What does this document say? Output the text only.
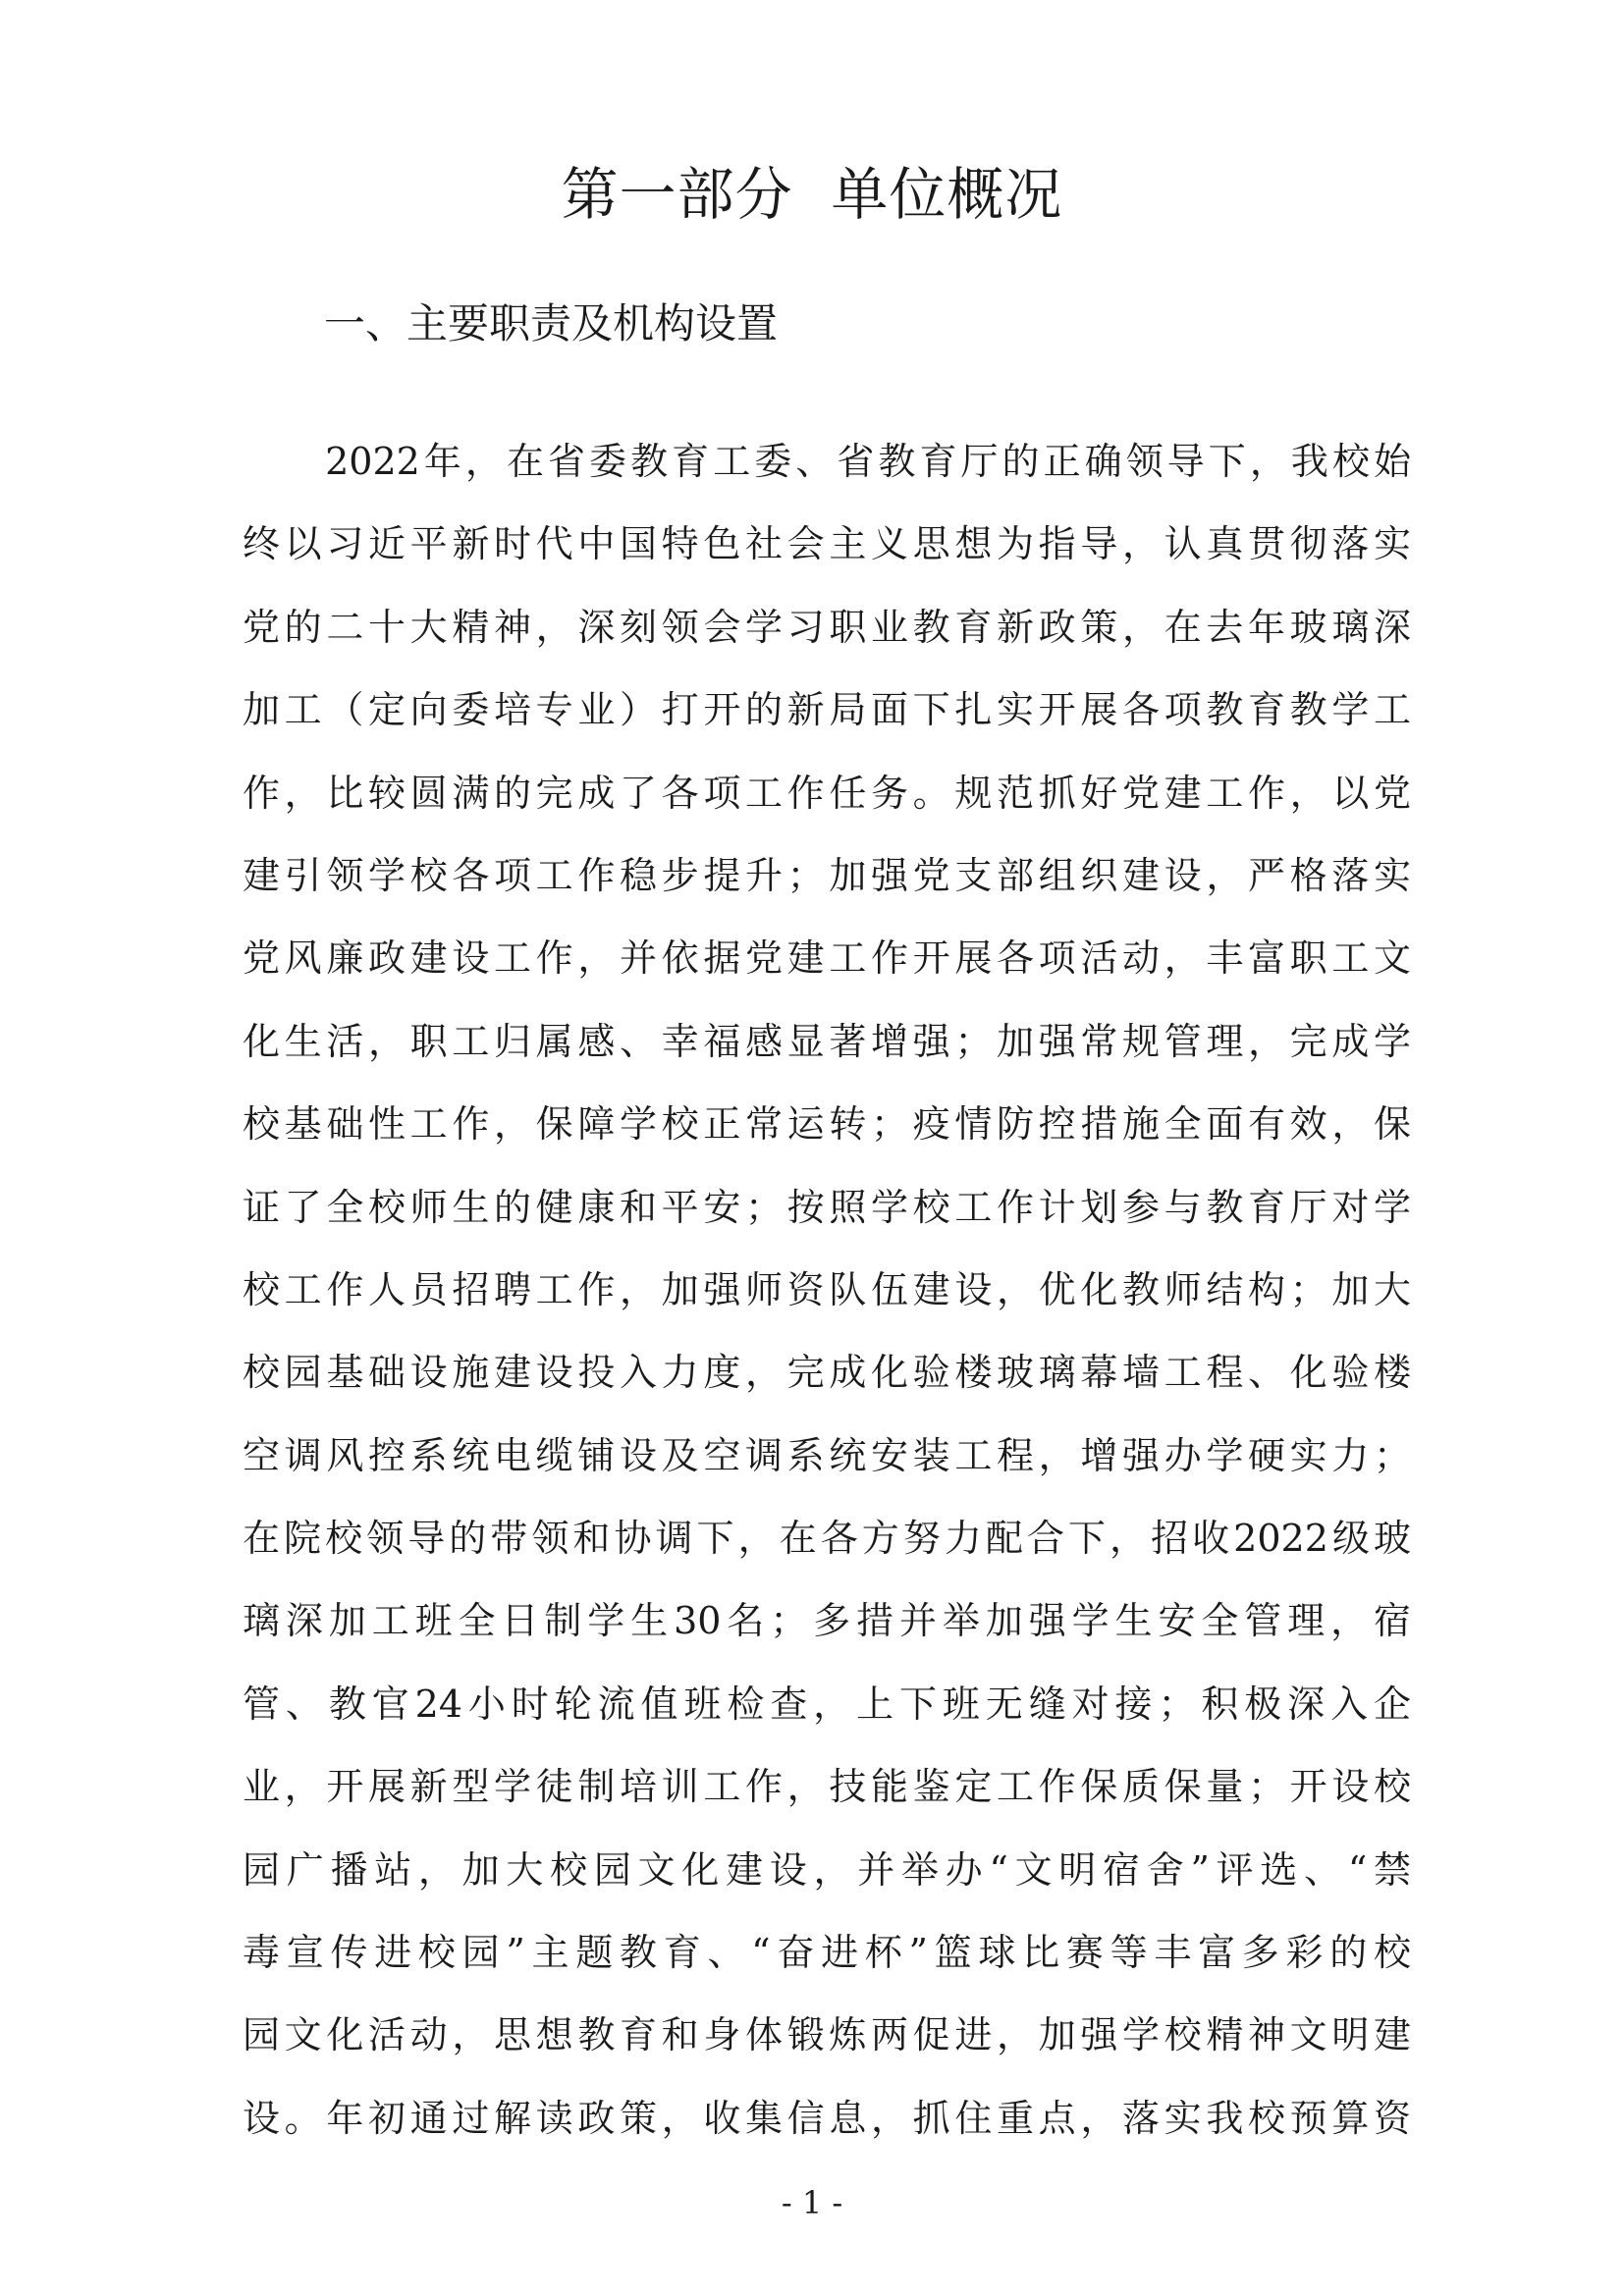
第一部分  单位概况
一、主要职责及机构设置
　　2022年，在省委教育工委、省教育厅的正确领导下，我校始
终以习近平新时代中国特色社会主义思想为指导，认真贯彻落实
党的二十大精神，深刻领会学习职业教育新政策，在去年玻璃深
加工（定向委培专业）打开的新局面下扎实开展各项教育教学工
作，比较圆满的完成了各项工作任务。规范抓好党建工作，以党
建引领学校各项工作稳步提升；加强党支部组织建设，严格落实
党风廉政建设工作，并依据党建工作开展各项活动，丰富职工文
化生活，职工归属感、幸福感显著增强；加强常规管理，完成学
校基础性工作，保障学校正常运转；疫情防控措施全面有效，保
证了全校师生的健康和平安；按照学校工作计划参与教育厅对学
校工作人员招聘工作，加强师资队伍建设，优化教师结构；加大
校园基础设施建设投入力度，完成化验楼玻璃幕墙工程、化验楼
空调风控系统电缆铺设及空调系统安装工程，增强办学硬实力；
在院校领导的带领和协调下，在各方努力配合下，招收2022级玻
璃深加工班全日制学生30名；多措并举加强学生安全管理，宿
管、教官24小时轮流值班检查，上下班无缝对接；积极深入企
业，开展新型学徒制培训工作，技能鉴定工作保质保量；开设校
园广播站，加大校园文化建设，并举办“文明宿舍”评选、“禁
毒宣传进校园”主题教育、“奋进杯”篮球比赛等丰富多彩的校
园文化活动，思想教育和身体锻炼两促进，加强学校精神文明建
设。年初通过解读政策，收集信息，抓住重点，落实我校预算资
- 1 -
